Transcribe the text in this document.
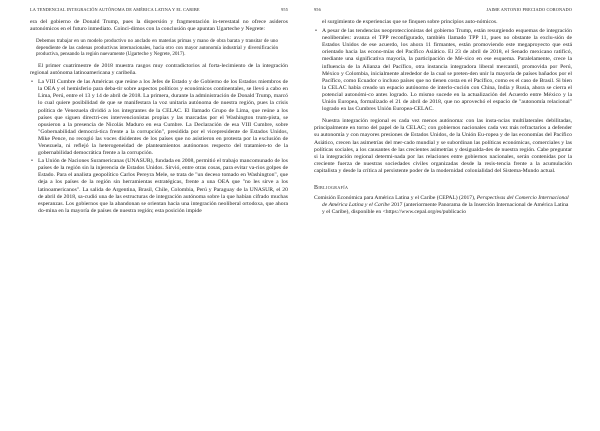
LA TENDENCIAL INTEGRACIÓN AUTÓNOMA DE AMÉRICA LATINA Y EL CARIBE	955

era del gobierno de Donald Trump, pues la dispersión y fragmentación in-terestatal no ofrece asideros autonómicos en el futuro inmediato. Coinci-dimos con la conclusión que apuntan Ugarteche y Negrete:

Debemos trabajar en un modelo productivo no anclado en materias primas y mano de obra barata y transitar de uno dependiente de las cadenas productivas internacionales, hacia otro con mayor autonomía industrial y diversificación productiva, pensando la región nuevamente (Ugarteche y Negrete, 2017).

El primer cuatrimestre de 2018 muestra rasgos muy contradictorios al forta-lecimiento de la integración regional autónoma latinoamericana y caribeña.

• La VIII Cumbre de las Américas que reúne a los Jefes de Estado y de Gobierno de los Estados miembros de la OEA y el hemisferio para deba-tir sobre aspectos políticos y económicos continentales, se llevó a cabo en Lima, Perú, entre el 13 y 14 de abril de 2018. La primera, durante la administración de Donald Trump, marcó lo cual quiere posibilidad de que se manifestara la voz unitaria autónoma de nuestra región, pues la crisis política de Venezuela dividió a los integrantes de la CELAC. El llamado Grupo de Lima, que reúne a los países que siguen directri-ces intervencionistas propias y las marcadas por el Washington trum-pista, se opusieron a la presencia de Nicolás Maduro en esa Cumbre. La Declaración de esa VIII Cumbre, sobre "Gobernabilidad democrá-tica frente a la corrupción", presidida por el vicepresidente de Estados Unidos, Mike Pence, no recogió las voces disidentes de los países que no asistieron en protesta por la exclusión de Venezuela, ni reflejó la heterogeneidad de planteamientos autónomos respecto del tratamien-to de la gobernabilidad democrática frente a la corrupción.
• La Unión de Naciones Suramericanas (UNASUR), fundada en 2008, permitió el trabajo mancomunado de los países de la región sin la injerencia de Estados Unidos. Sirvió, entre otras cosas, para evitar va-rios golpes de Estado. Para el analista geopolítico Carlos Pereyra Mele, se trata de "un deceso tomado en Washington", que deja a los países de la región sin herramientas estratégicas, frente a una OEA que "no les sirve a los latinoamericanos". La salida de Argentina, Brasil, Chile, Colombia, Perú y Paraguay de la UNASUR, el 20 de abril de 2018, sa-cudió una de las estructuras de integración autónoma sobre la que habían cifrado muchas esperanzas. Los gobiernos que la abandonan se orientan hacia una integración neoliberal ortodoxa, que ahora do-mina en la mayoría de países de nuestra región; esta posición impide
956	JAIME ANTONIO PRECIADO CORONADO

el surgimiento de experiencias que se finquen sobre principios auto-nómicos.

• A pesar de las tendencias neoproteccionistas del gobierno Trump, están resurgiendo esquemas de integración neoliberales: avanza el TPP reconfigurado, también llamado TPP 11, pues no obstante la exclu-sión de Estados Unidos de ese acuerdo, los ahora 11 firmantes, están promoviendo este megaproyecto que está orientado hacia las econo-mías del Pacífico Asiático. El 23 de abril de 2018, el Senado mexicano ratificó, mediante una significativa mayoría, la participación de Mé-xico en ese esquema. Paralelamente, crece la influencia de la Alianza del Pacífico, otra instancia integradora liberal mercantil, promovida por Perú, México y Colombia, inicialmente alrededor de la cual se preten-den unir la mayoría de países bañados por el Pacífico, como Ecuador o incluso países que no tienen costa en el Pacífico, como es el caso de Brasil. Si bien la CELAC había creado un espacio autónomo de interlo-cución con China, India y Rusia, ahora se cierra el potencial autonómi-co antes logrado. Lo mismo sucede en la actualización del Acuerdo entre México y la Unión Europea, formalizado el 21 de abril de 2018, que no aprovechó el espacio de "autonomía relacional" logrado en las Cumbres Unión Europea-CELAC.

Nuestra integración regional es cada vez menos autónoma: con las insta-ncias multilaterales debilitadas, principalmente en torno del papel de la CELAC; con gobiernos nacionales cada vez más refractarios a defender su autonomía y con mayores presiones de Estados Unidos, de la Unión Eu-ropea y de las economías del Pacífico Asiático, crecen las asimetrías del mer-cado mundial y se subordinan las políticas económicas, comerciales y las políticas sociales, a los causantes de las crecientes asimetrías y desigualda-des de nuestra región. Cabe preguntar si la integración regional determi-nada por las relaciones entre gobiernos nacionales, serán contenidas por la creciente fuerza de nuestras sociedades civiles organizadas desde la resis-tencia frente a la acumulación capitalista y desde la crítica al persistente poder de la modernidad colonialidad del Sistema-Mundo actual.

Bibliografía

Comisión Económica para América Latina y el Caribe (CEPAL) (2017), Perspectivas del Comercio Internacional de América Latina y el Caribe 2017 (anteriormente Panorama de la Inserción Internacional de América Latina y el Caribe), disponible en <https://www.cepal.org/es/publicacio
